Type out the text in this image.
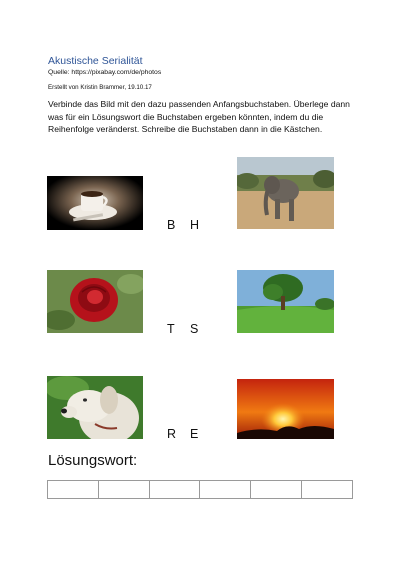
Akustische Serialität
Quelle: https://pixabay.com/de/photos
Erstellt von Kristin Brammer, 19.10.17
Verbinde das Bild mit den dazu passenden Anfangsbuchstaben. Überlege dann was für ein Lösungswort die Buchstaben ergeben könnten, indem du die Reihenfolge veränderst. Schreibe die Buchstaben dann in die Kästchen.
B H
T S
R E
Lösungswort:
